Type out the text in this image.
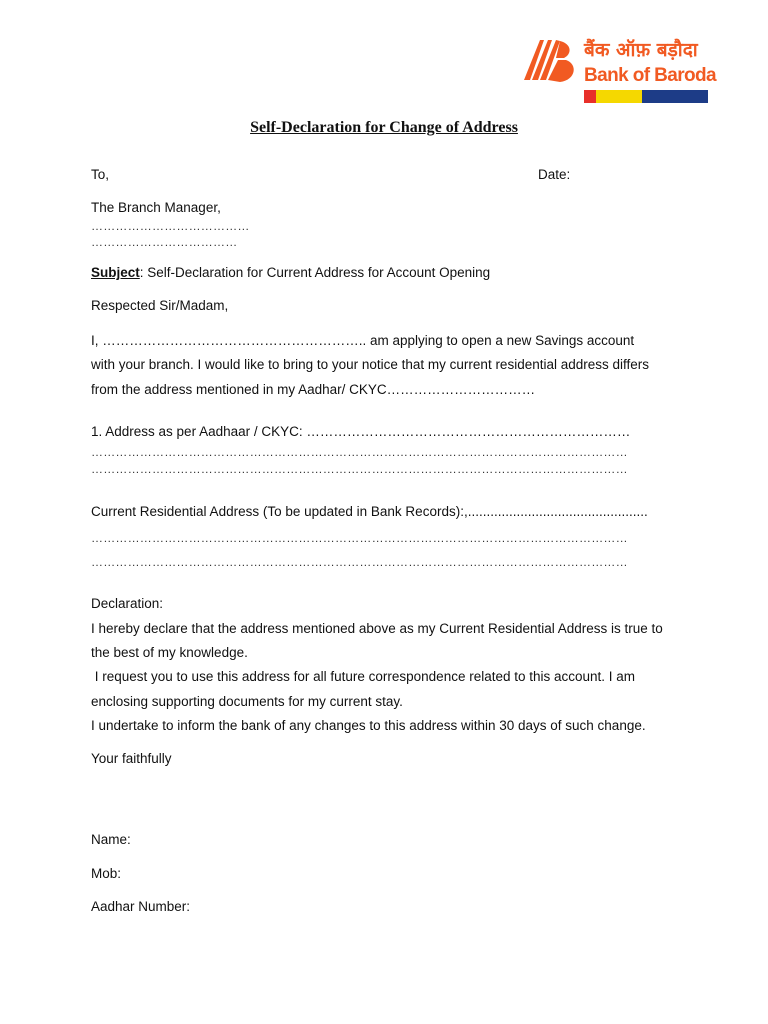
बैंक ऑफ़ बड़ौदा
Bank of Baroda
Self-Declaration for Change of Address
To,	Date:
The Branch Manager,
…………………………………
………………………………
Subject: Self-Declaration for Current Address for Account Opening
Respected Sir/Madam,
I, ………………………………………………….. am applying to open a new Savings account
with your branch. I would like to bring to your notice that my current residential address differs
from the address mentioned in my Aadhar/ CKYC……………………………
1. Address as per Aadhaar / CKYC: ………………………………………………………………
……………………………………………………………………………………………………………………
……………………………………………………………………………………………………………………
Current Residential Address (To be updated in Bank Records):,................................................
……………………………………………………………………………………………………………………
……………………………………………………………………………………………………………………
Declaration:
I hereby declare that the address mentioned above as my Current Residential Address is true to
the best of my knowledge.
I request you to use this address for all future correspondence related to this account. I am
enclosing supporting documents for my current stay.
I undertake to inform the bank of any changes to this address within 30 days of such change.
Your faithfully
Name:
Mob:
Aadhar Number:
